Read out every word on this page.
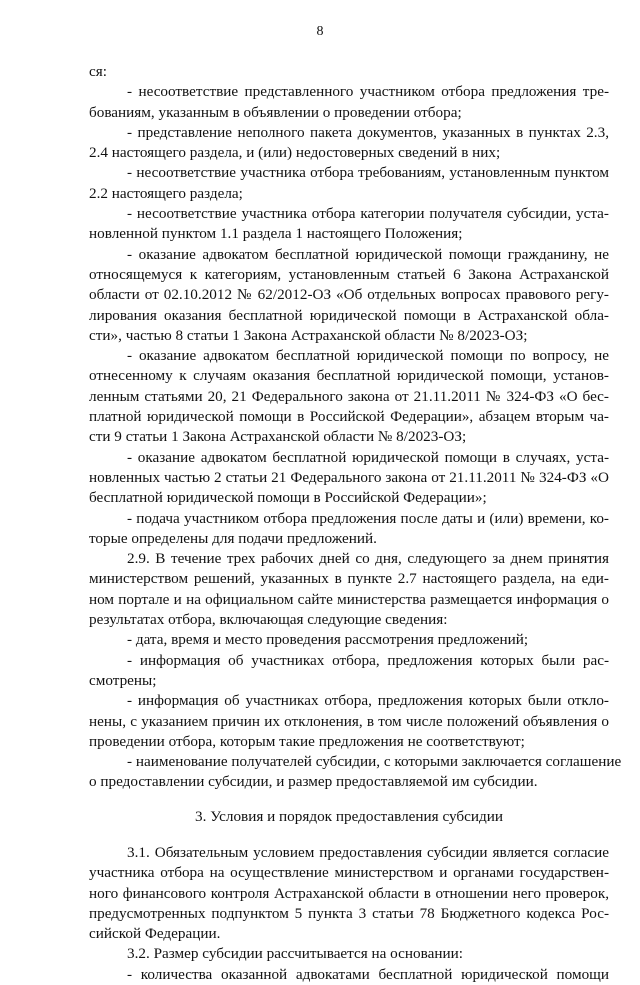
8

ся:

- несоответствие представленного участником отбора предложения тре-

бованиям, указанным в объявлении о проведении отбора;

- представление неполного пакета документов, указанных в пунктах 2.3,

2.4 настоящего раздела, и (или) недостоверных сведений в них;

- несоответствие участника отбора требованиям, установленным пунктом

2.2 настоящего раздела;

- несоответствие участника отбора категории получателя субсидии, уста-

новленной пунктом 1.1 раздела 1 настоящего Положения;

- оказание адвокатом бесплатной юридической помощи гражданину, не

относящемуся к категориям, установленным статьей 6 Закона Астраханской

области от 02.10.2012 № 62/2012-ОЗ «Об отдельных вопросах правового регу-

лирования оказания бесплатной юридической помощи в Астраханской обла-

сти», частью 8 статьи 1 Закона Астраханской области № 8/2023-ОЗ;

- оказание адвокатом бесплатной юридической помощи по вопросу, не

отнесенному к случаям оказания бесплатной юридической помощи, установ-

ленным статьями 20, 21 Федерального закона от 21.11.2011 № 324-ФЗ «О бес-

платной юридической помощи в Российской Федерации», абзацем вторым ча-

сти 9 статьи 1 Закона Астраханской области № 8/2023-ОЗ;

- оказание адвокатом бесплатной юридической помощи в случаях, уста-

новленных частью 2 статьи 21 Федерального закона от 21.11.2011 № 324-ФЗ «О

бесплатной юридической помощи в Российской Федерации»;

- подача участником отбора предложения после даты и (или) времени, ко-

торые определены для подачи предложений.

2.9. В течение трех рабочих дней со дня, следующего за днем принятия

министерством решений, указанных в пункте 2.7 настоящего раздела, на еди-

ном портале и на официальном сайте министерства размещается информация о

результатах отбора, включающая следующие сведения:

- дата, время и место проведения рассмотрения предложений;

- информация об участниках отбора, предложения которых были рас-

смотрены;

- информация об участниках отбора, предложения которых были откло-

нены, с указанием причин их отклонения, в том числе положений объявления о

проведении отбора, которым такие предложения не соответствуют;

- наименование получателей субсидии, с которыми заключается соглашение

о предоставлении субсидии, и размер предоставляемой им субсидии.

3. Условия и порядок предоставления субсидии

3.1. Обязательным условием предоставления субсидии является согласие

участника отбора на осуществление министерством и органами государствен-

ного финансового контроля Астраханской области в отношении него проверок,

предусмотренных подпунктом 5 пункта 3 статьи 78 Бюджетного кодекса Рос-

сийской Федерации.

3.2. Размер субсидии рассчитывается на основании:

- количества оказанной адвокатами бесплатной юридической помощи
